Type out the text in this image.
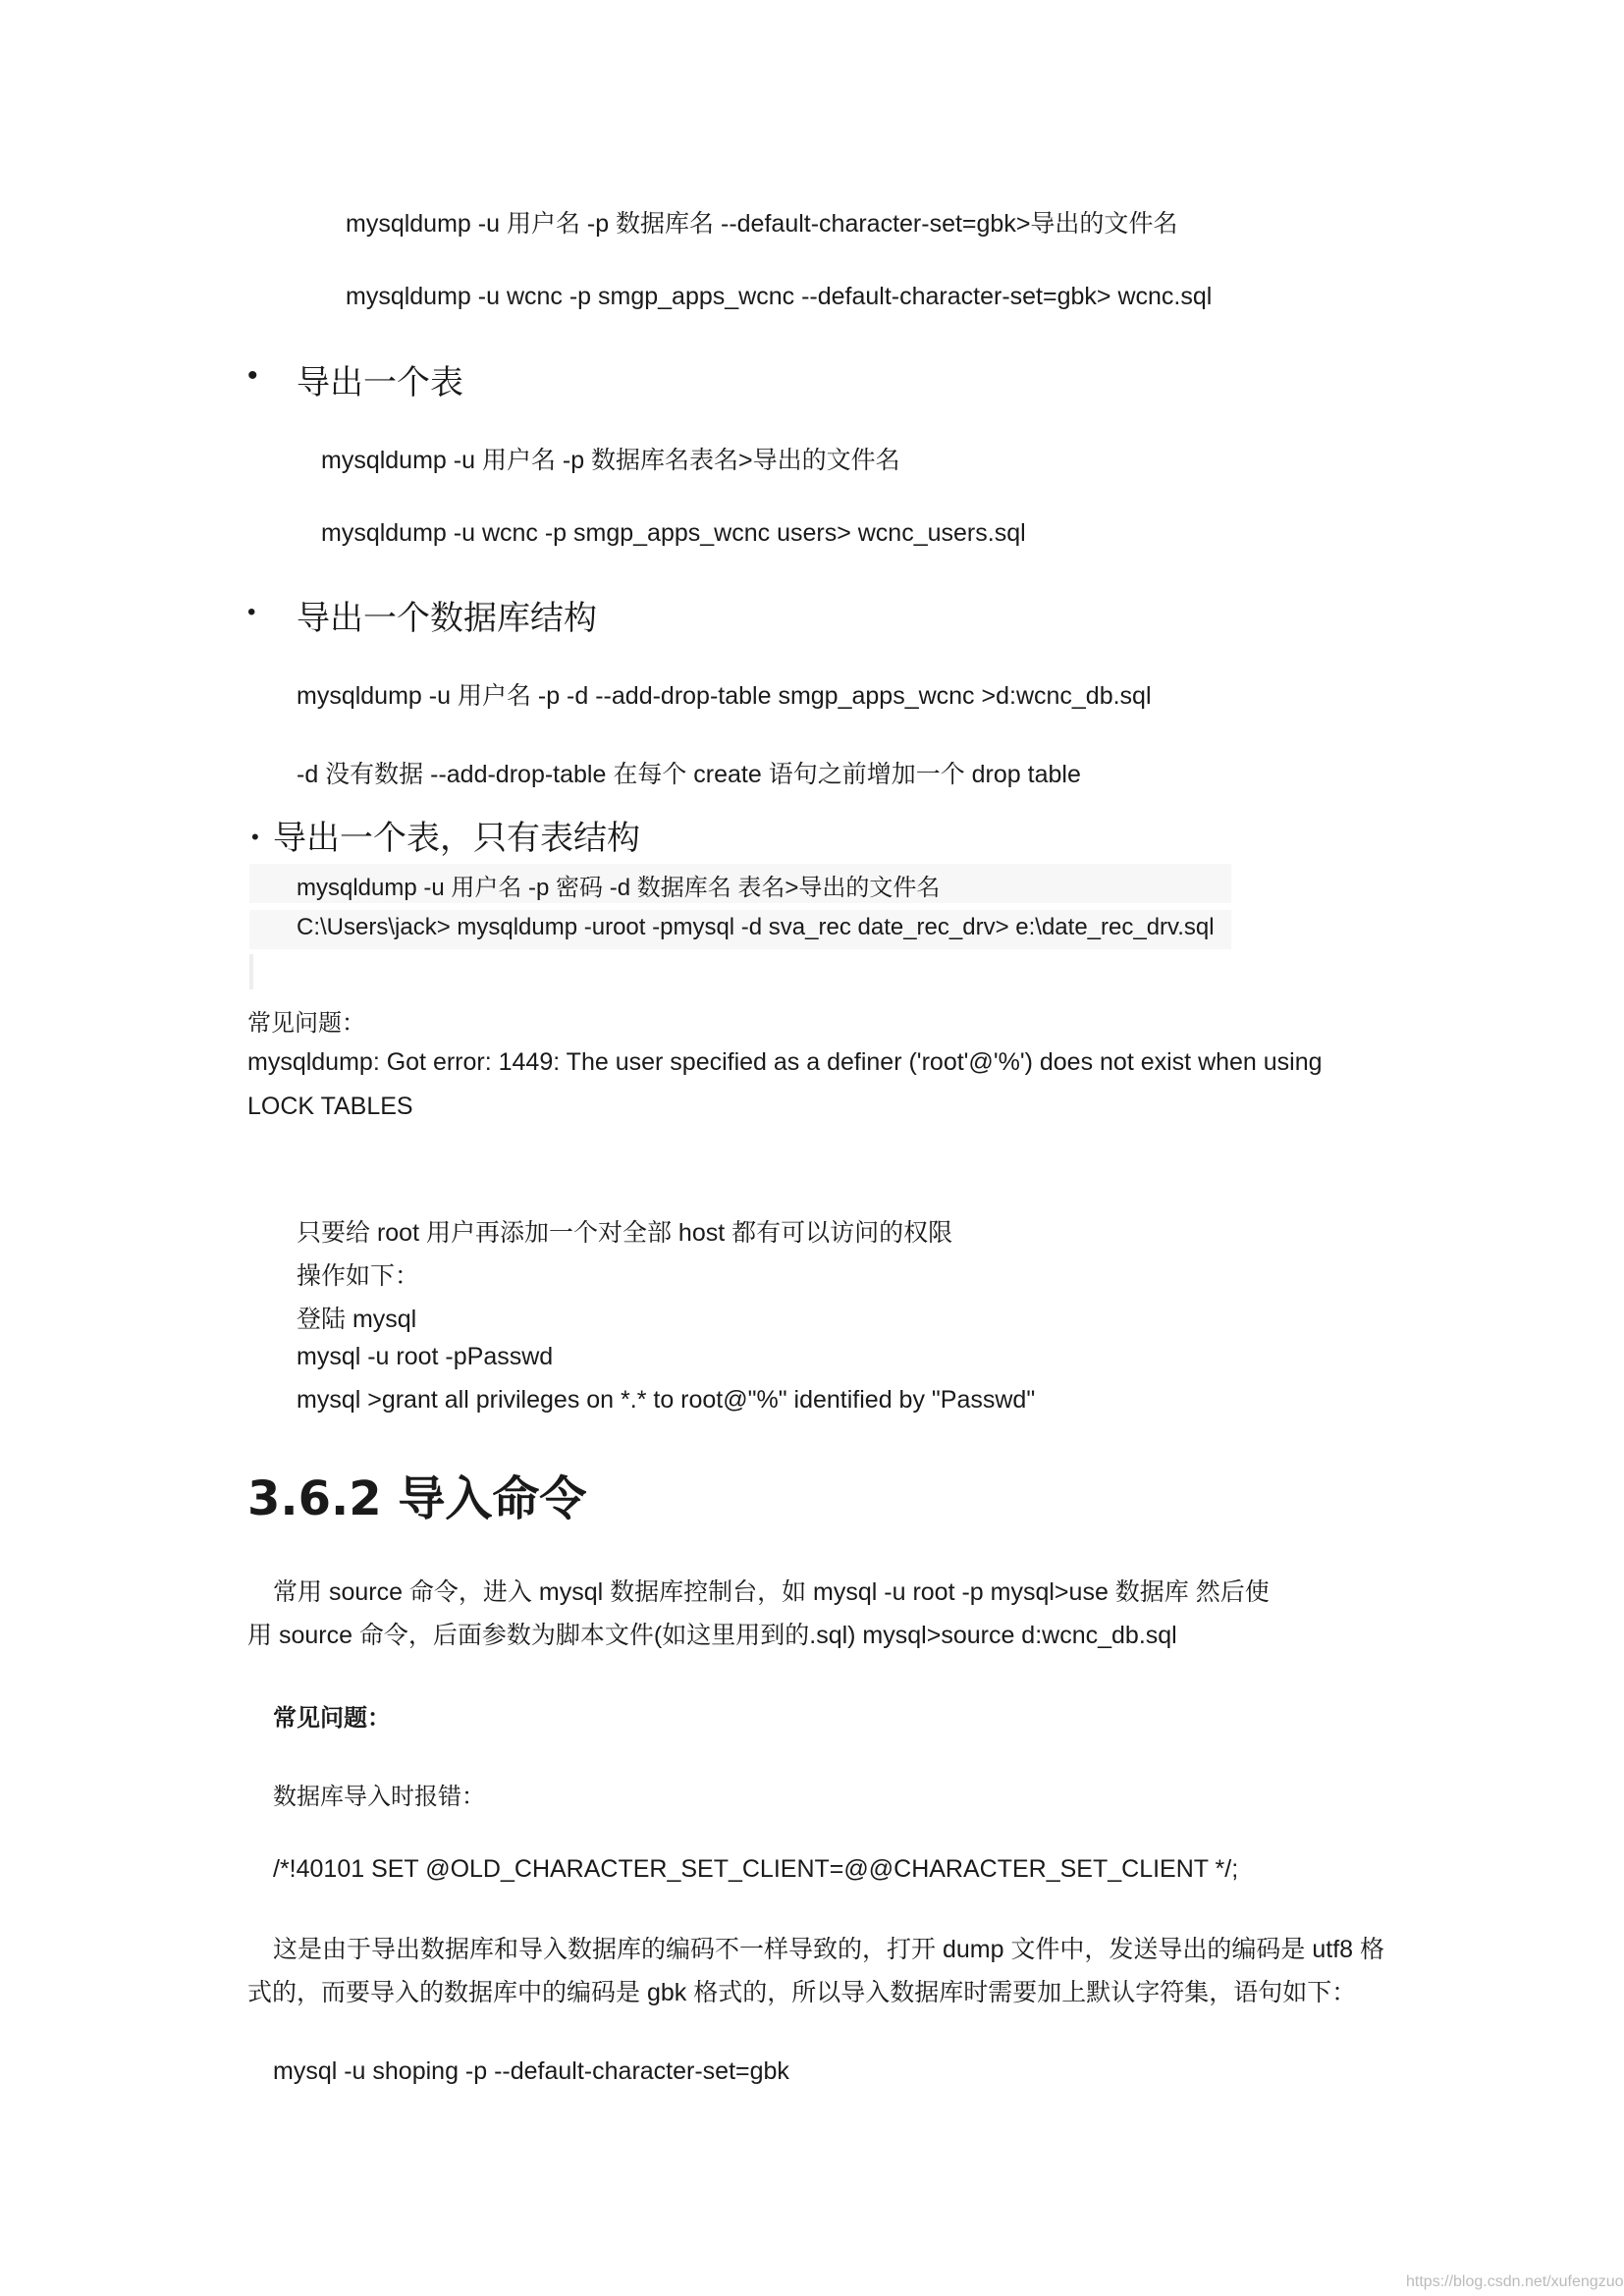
mysqldump -u 用户名 -p 数据库名 --default-character-set=gbk>导出的文件名
mysqldump -u wcnc -p smgp_apps_wcnc --default-character-set=gbk> wcnc.sql
• 导出一个表
mysqldump -u 用户名 -p 数据库名表名>导出的文件名
mysqldump -u wcnc -p smgp_apps_wcnc users> wcnc_users.sql
• 导出一个数据库结构
mysqldump -u 用户名 -p -d --add-drop-table smgp_apps_wcnc >d:wcnc_db.sql
-d 没有数据 --add-drop-table 在每个 create 语句之前增加一个 drop table
• 导出一个表，只有表结构
mysqldump -u 用户名 -p 密码 -d 数据库名 表名>导出的文件名
C:\Users\jack> mysqldump -uroot -pmysql -d sva_rec date_rec_drv> e:\date_rec_drv.sql
常见问题：
mysqldump: Got error: 1449: The user specified as a definer ('root'@'%') does not exist when using
LOCK TABLES
只要给 root 用户再添加一个对全部 host 都有可以访问的权限
操作如下：
登陆 mysql
mysql -u root -pPasswd
mysql >grant all privileges on *.* to root@"%" identified by "Passwd"
3.6.2 导入命令
常用 source 命令，进入 mysql 数据库控制台，如 mysql -u root -p mysql>use 数据库 然后使
用 source 命令，后面参数为脚本文件(如这里用到的.sql) mysql>source d:wcnc_db.sql
常见问题：
数据库导入时报错：
/*!40101 SET @OLD_CHARACTER_SET_CLIENT=@@CHARACTER_SET_CLIENT */;
这是由于导出数据库和导入数据库的编码不一样导致的，打开 dump 文件中，发送导出的编码是 utf8 格
式的，而要导入的数据库中的编码是 gbk 格式的，所以导入数据库时需要加上默认字符集，语句如下：
mysql -u shoping -p --default-character-set=gbk
https://blog.csdn.net/xufengzuo
